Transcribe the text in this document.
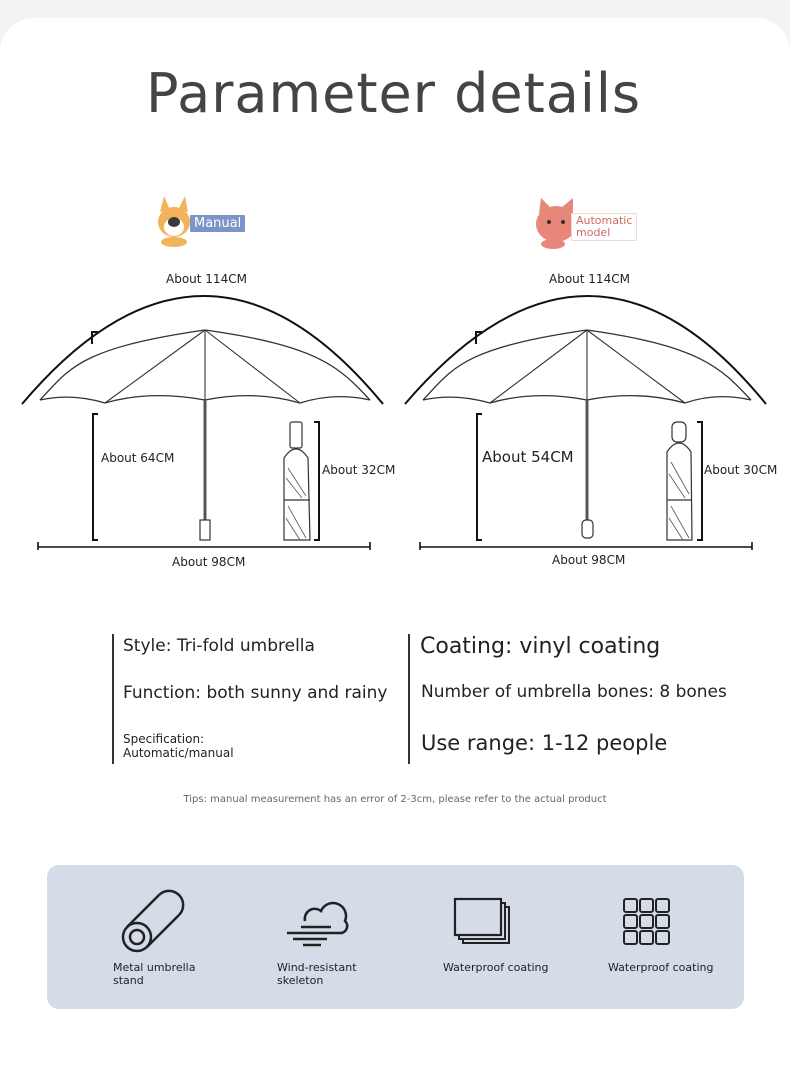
Parameter details
Manual
About 114CM
About 64CM
About 32CM
About 98CM
Automatic
model
About 114CM
About 54CM
About 30CM
About 98CM
Style: Tri-fold umbrella
Function: both sunny and rainy
Specification:
Automatic/manual
Coating: vinyl coating
Number of umbrella bones: 8 bones
Use range: 1-12 people
Tips: manual measurement has an error of 2-3cm, please refer to the actual product
Metal umbrella
stand
Wind-resistant
skeleton
Waterproof coating	Waterproof coating
